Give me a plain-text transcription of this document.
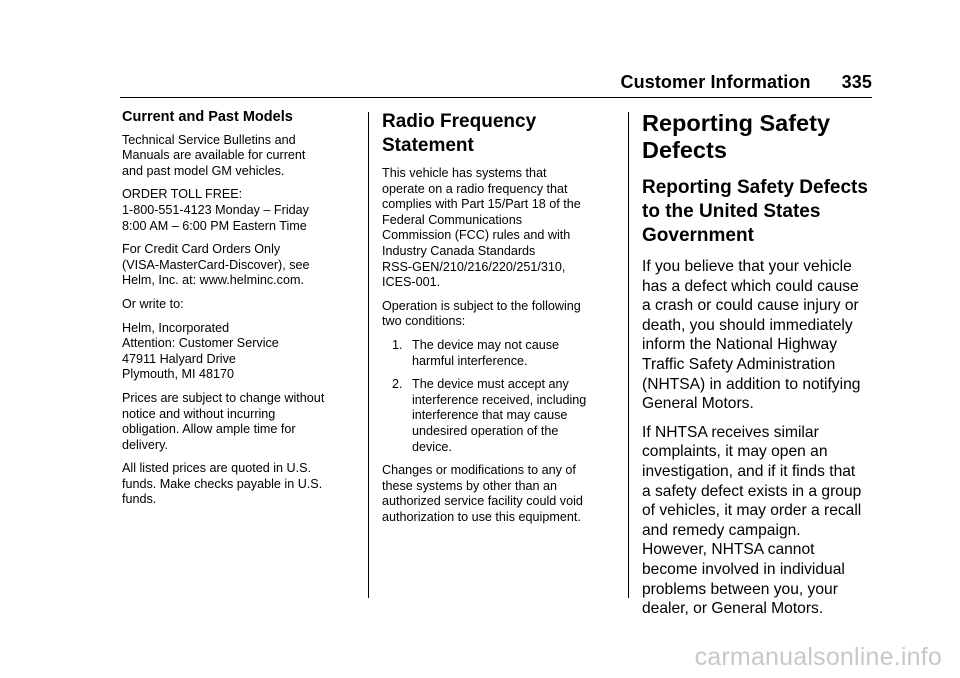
Customer Information 335
Current and Past Models

Technical Service Bulletins and
Manuals are available for current
and past model GM vehicles.

ORDER TOLL FREE:
1-800-551-4123 Monday – Friday
8:00 AM – 6:00 PM Eastern Time

For Credit Card Orders Only
(VISA-MasterCard-Discover), see
Helm, Inc. at: www.helminc.com.

Or write to:

Helm, Incorporated
Attention: Customer Service
47911 Halyard Drive
Plymouth, MI 48170

Prices are subject to change without
notice and without incurring
obligation. Allow ample time for
delivery.

All listed prices are quoted in U.S.
funds. Make checks payable in U.S.
funds.

Radio Frequency
Statement

This vehicle has systems that
operate on a radio frequency that
complies with Part 15/Part 18 of the
Federal Communications
Commission (FCC) rules and with
Industry Canada Standards
RSS-GEN/210/216/220/251/310,
ICES-001.

Operation is subject to the following
two conditions:

1. The device may not cause
harmful interference.
2. The device must accept any
interference received, including
interference that may cause
undesired operation of the
device.

Changes or modifications to any of
these systems by other than an
authorized service facility could void
authorization to use this equipment.

Reporting Safety
Defects
Reporting Safety Defects
to the United States
Government

If you believe that your vehicle
has a defect which could cause
a crash or could cause injury or
death, you should immediately
inform the National Highway
Traffic Safety Administration
(NHTSA) in addition to notifying
General Motors.

If NHTSA receives similar
complaints, it may open an
investigation, and if it finds that
a safety defect exists in a group
of vehicles, it may order a recall
and remedy campaign.
However, NHTSA cannot
become involved in individual
problems between you, your
dealer, or General Motors.

carmanualsonline.info
